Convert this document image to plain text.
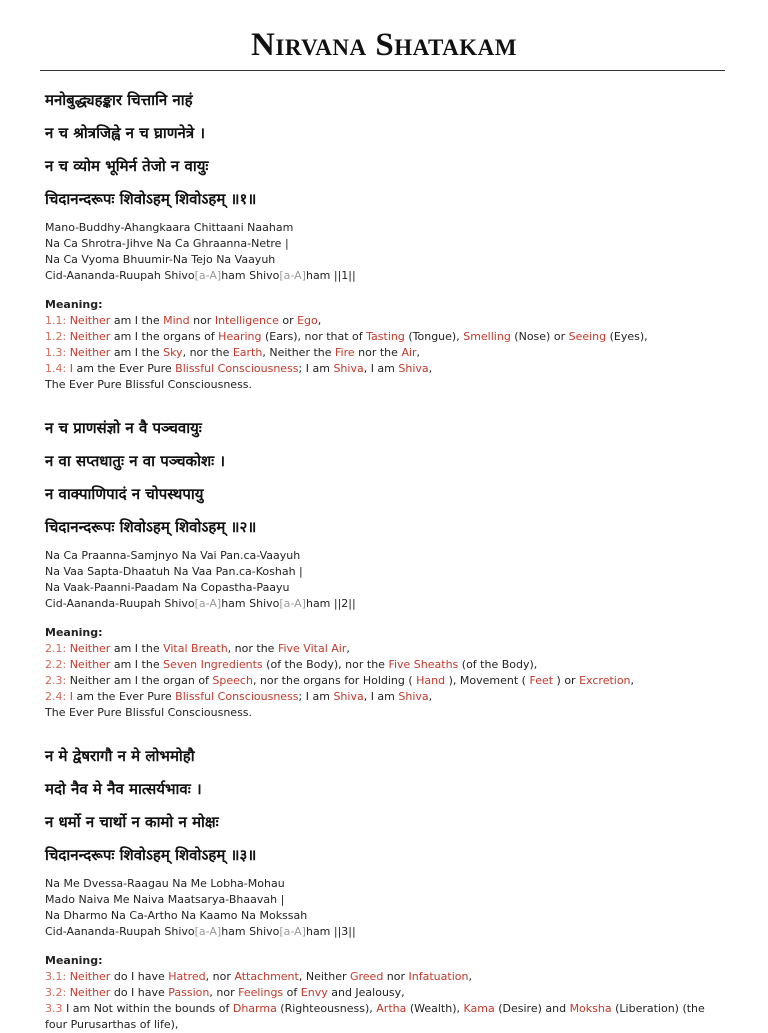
Nirvana Shatakam
मनोबुद्ध्यहङ्कार चित्तानि नाहं
न च श्रोत्रजिह्वे न च घ्राणनेत्रे ।
न च व्योम भूमिर्न तेजो न वायुः
चिदानन्दरूपः शिवोऽहम् शिवोऽहम् ॥१॥
Mano-Buddhy-Ahangkaara Chittaani Naaham
Na Ca Shrotra-Jihve Na Ca Ghraanna-Netre |
Na Ca Vyoma Bhuumir-Na Tejo Na Vaayuh
Cid-Aananda-Ruupah Shivo[a-A]ham Shivo[a-A]ham ||1||
Meaning:
1.1: Neither am I the Mind nor Intelligence or Ego,
1.2: Neither am I the organs of Hearing (Ears), nor that of Tasting (Tongue), Smelling (Nose) or Seeing (Eyes),
1.3: Neither am I the Sky, nor the Earth, Neither the Fire nor the Air,
1.4: I am the Ever Pure Blissful Consciousness; I am Shiva, I am Shiva,
The Ever Pure Blissful Consciousness.
न च प्राणसंज्ञो न वै पञ्चवायुः
न वा सप्तधातुः न वा पञ्चकोशः ।
न वाक्पाणिपादं न चोपस्थपायु
चिदानन्दरूपः शिवोऽहम् शिवोऽहम् ॥२॥
Na Ca Praanna-Samjnyo Na Vai Pan.ca-Vaayuh
Na Vaa Sapta-Dhaatuh Na Vaa Pan.ca-Koshah |
Na Vaak-Paanni-Paadam Na Copastha-Paayu
Cid-Aananda-Ruupah Shivo[a-A]ham Shivo[a-A]ham ||2||
Meaning:
2.1: Neither am I the Vital Breath, nor the Five Vital Air,
2.2: Neither am I the Seven Ingredients (of the Body), nor the Five Sheaths (of the Body),
2.3: Neither am I the organ of Speech, nor the organs for Holding ( Hand ), Movement ( Feet ) or Excretion,
2.4: I am the Ever Pure Blissful Consciousness; I am Shiva, I am Shiva,
The Ever Pure Blissful Consciousness.
न मे द्वेषरागौ न मे लोभमोहौ
मदो नैव मे नैव मात्सर्यभावः ।
न धर्मो न चार्थो न कामो न मोक्षः
चिदानन्दरूपः शिवोऽहम् शिवोऽहम् ॥३॥
Na Me Dvessa-Raagau Na Me Lobha-Mohau
Mado Naiva Me Naiva Maatsarya-Bhaavah |
Na Dharmo Na Ca-Artho Na Kaamo Na Mokssah
Cid-Aananda-Ruupah Shivo[a-A]ham Shivo[a-A]ham ||3||
Meaning:
3.1: Neither do I have Hatred, nor Attachment, Neither Greed nor Infatuation,
3.2: Neither do I have Passion, nor Feelings of Envy and Jealousy,
3.3 I am Not within the bounds of Dharma (Righteousness), Artha (Wealth), Kama (Desire) and Moksha (Liberation) (the
four Purusarthas of life),
